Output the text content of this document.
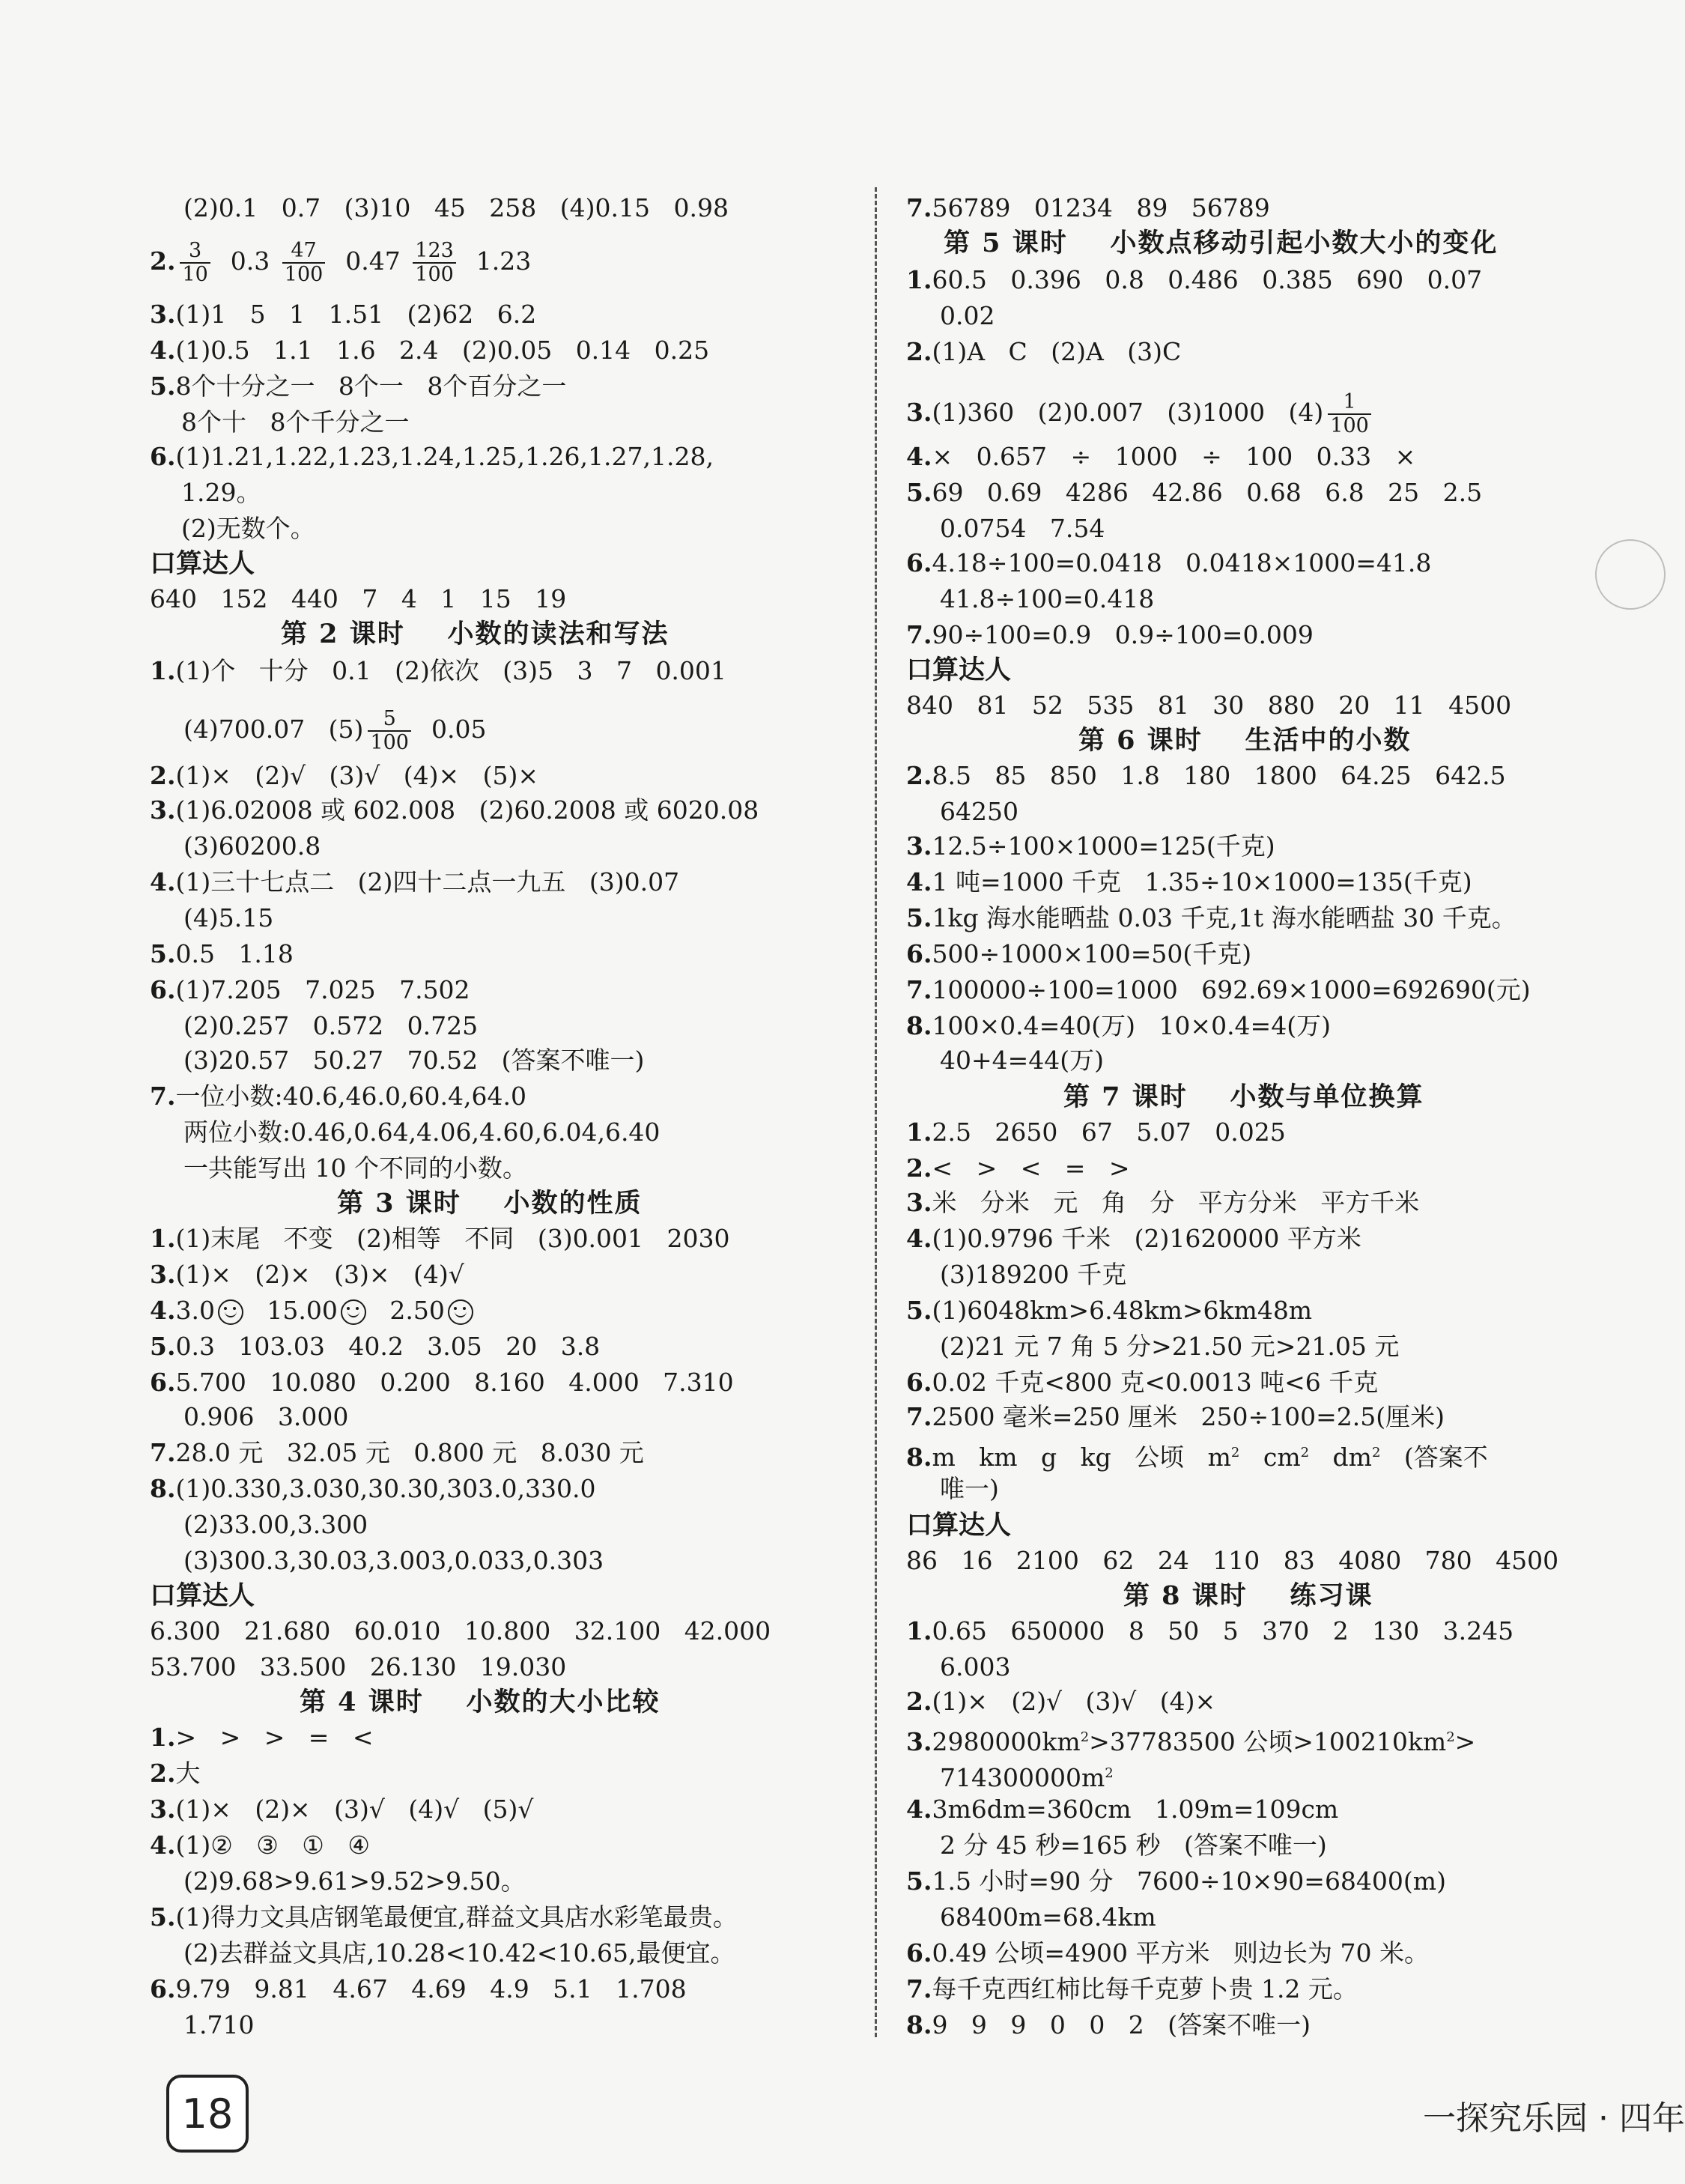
(2)0.1   0.7   (3)10   45   258   (4)0.15   0.98
2. $\frac{3}{10} 0.3 \frac{47}{100} 0.47 \frac{123}{100} 1.23$
3.(1)1   5   1   1.51   (2)62   6.2
4.(1)0.5   1.1   1.6   2.4   (2)0.05   0.14   0.25
5.8个十分之一   8个一   8个百分之一
8个十   8个千分之一
6.(1)1.21,1.22,1.23,1.24,1.25,1.26,1.27,1.28,
1.29。
(2)无数个。
口算达人
640   152   440   7   4   1   15   19
第 2 课时    小数的读法和写法
1.(1)个   十分   0.1   (2)依次   (3)5   3   7   0.001
(4)700.07   $(5) \frac{5}{100} 0.05$
2.(1)×   (2)√   (3)√   (4)×   (5)×
3.(1)6.02008 或 602.008   (2)60.2008 或 6020.08
(3)60200.8
4.(1)三十七点二   (2)四十二点一九五   (3)0.07
(4)5.15
5.0.5   1.18
6.(1)7.205   7.025   7.502
(2)0.257   0.572   0.725
(3)20.57   50.27   70.52   (答案不唯一)
7.一位小数:40.6,46.0,60.4,64.0
两位小数:0.46,0.64,4.06,4.60,6.04,6.40
一共能写出 10 个不同的小数。
第 3 课时    小数的性质
1.(1)末尾   不变   (2)相等   不同   (3)0.001   2030
3.(1)×   (2)×   (3)×   (4)√
4.3.0   15.00   2.50
5.0.3   103.03   40.2   3.05   20   3.8
6.5.700   10.080   0.200   8.160   4.000   7.310
0.906   3.000
7.28.0 元   32.05 元   0.800 元   8.030 元
8.(1)0.330,3.030,30.30,303.0,330.0
(2)33.00,3.300
(3)300.3,30.03,3.003,0.033,0.303
口算达人
6.300   21.680   60.010   10.800   32.100   42.000
53.700   33.500   26.130   19.030
第 4 课时    小数的大小比较
1.>   >   >   =   <
2.大
3.(1)×   (2)×   (3)√   (4)√   (5)√
4.(1)②   ③   ①   ④
(2)9.68>9.61>9.52>9.50。
5.(1)得力文具店钢笔最便宜,群益文具店水彩笔最贵。
(2)去群益文具店,10.28<10.42<10.65,最便宜。
6.9.79   9.81   4.67   4.69   4.9   5.1   1.708
1.710
7.56789   01234   89   56789
第 5 课时    小数点移动引起小数大小的变化
1.60.5   0.396   0.8   0.486   0.385   690   0.07
0.02
2.(1)A   C   (2)A   (3)C
3.(1)360   (2)0.007   (3)1000   $(4) \frac{1}{100}$
4.×   0.657   ÷   1000   ÷   100   0.33   ×
5.69   0.69   4286   42.86   0.68   6.8   25   2.5
0.0754   7.54
6.4.18÷100=0.0418   0.0418×1000=41.8
41.8÷100=0.418
7.90÷100=0.9   0.9÷100=0.009
口算达人
840   81   52   535   81   30   880   20   11   4500
第 6 课时    生活中的小数
2.8.5   85   850   1.8   180   1800   64.25   642.5
64250
3.12.5÷100×1000=125(千克)
4.1 吨=1000 千克   1.35÷10×1000=135(千克)
5.1kg 海水能晒盐 0.03 千克,1t 海水能晒盐 30 千克。
6.500÷1000×100=50(千克)
7.100000÷100=1000   692.69×1000=692690(元)
8.100×0.4=40(万)   10×0.4=4(万)
40+4=44(万)
第 7 课时    小数与单位换算
1.2.5   2650   67   5.07   0.025
2.<   >   <   =   >
3.米   分米   元   角   分   平方分米   平方千米
4.(1)0.9796 千米   (2)1620000 平方米
(3)189200 千克
5.(1)6048km>6.48km>6km48m
(2)21 元 7 角 5 分>21.50 元>21.05 元
6.0.02 千克<800 克<0.0013 吨<6 千克
7.2500 毫米=250 厘米   250÷100=2.5(厘米)
8.m   km   g   kg   公顷   $m^2$   $cm^2$   $dm^2$   (答案不
唯一)
口算达人
86   16   2100   62   24   110   83   4080   780   4500
第 8 课时    练习课
1.0.65   650000   8   50   5   370   2   130   3.245
6.003
2.(1)×   (2)√   (3)√   (4)×
$3.2980000km^2>37783500$ 公顷$>100210km^2>$
$714300000m^2$
4.3m6dm=360cm   1.09m=109cm
2 分 45 秒=165 秒   (答案不唯一)
5.1.5 小时=90 分   7600÷10×90=68400(m)
68400m=68.4km
6.0.49 公顷=4900 平方米   则边长为 70 米。
7.每千克西红柿比每千克萝卜贵 1.2 元。
8.9   9   9   0   0   2   (答案不唯一)
18	一探究乐园 · 四年
